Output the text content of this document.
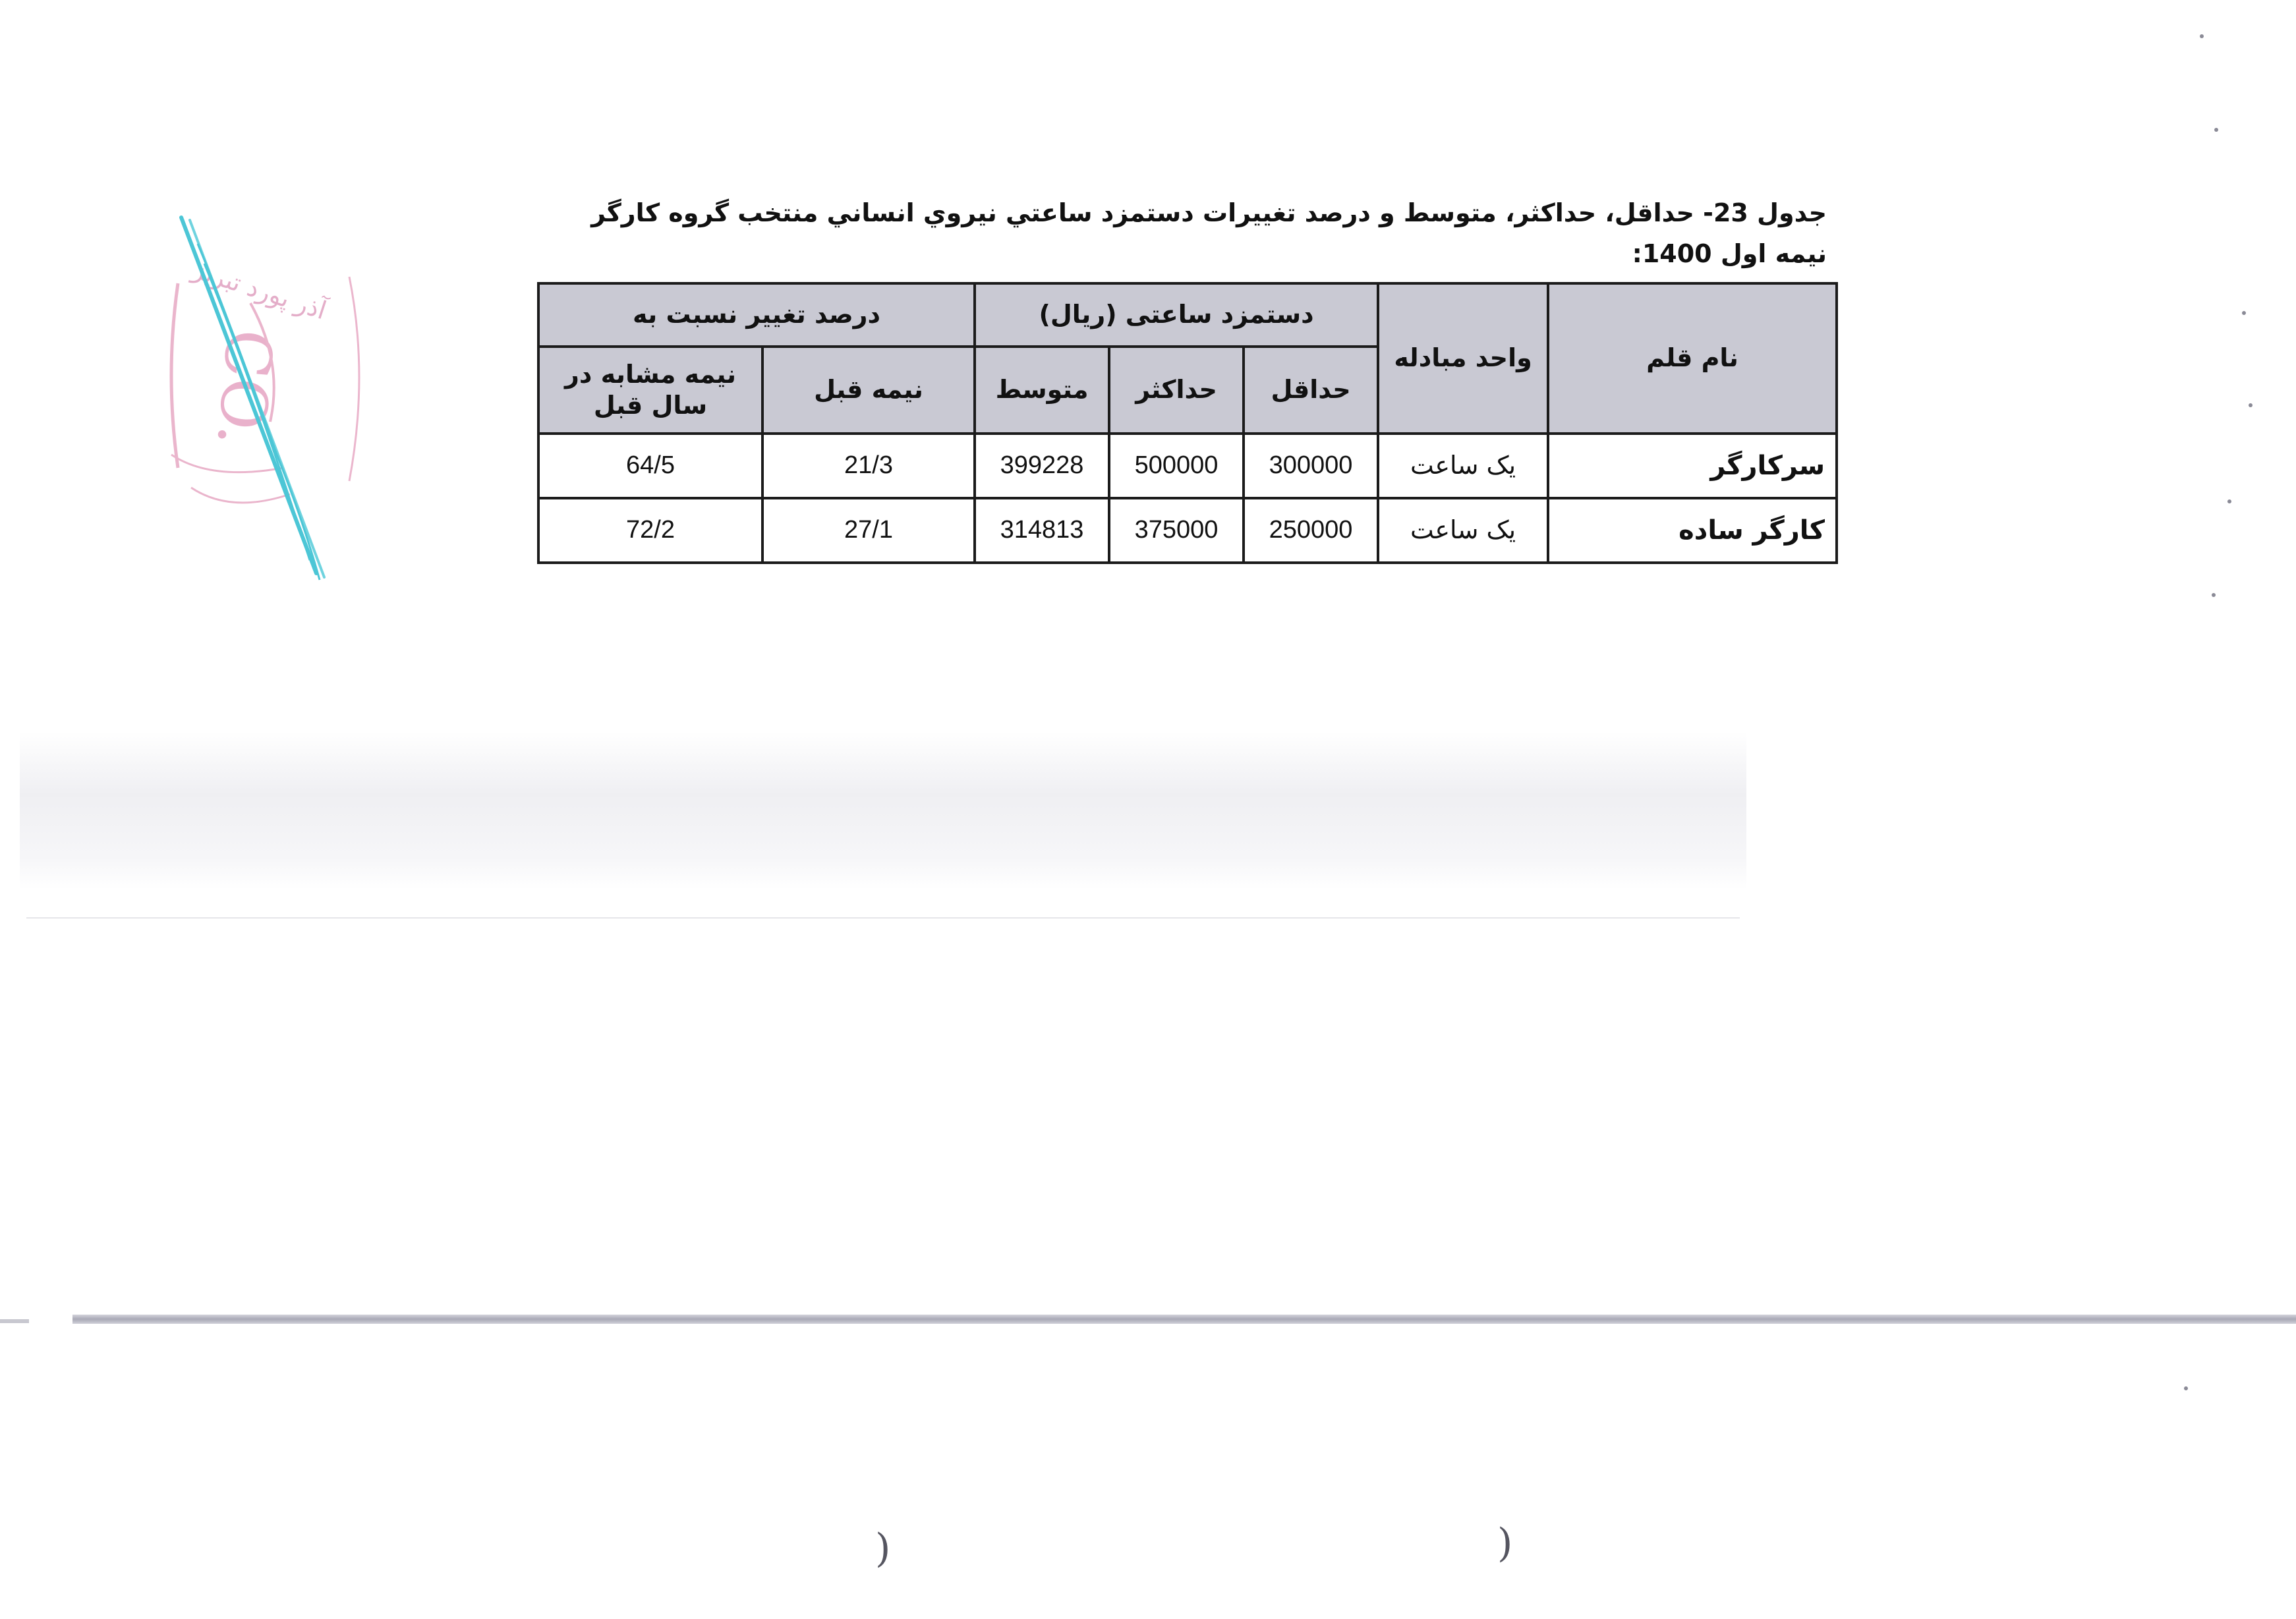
)	)
آذر پورد تبریز
CO.
جدول 23- حداقل، حداكثر، متوسط و درصد تغييرات دستمزد ساعتي نيروي انساني منتخب گروه كارگر
نيمه اول 1400:
نام قلم	واحد مبادله	دستمزد ساعتی (ریال)			درصد تغییر نسبت به	
		حداقل	حداکثر	متوسط	نیمه قبل	نیمه مشابه در سال قبل
سرکارگر	یک ساعت	300000	500000	399228	21/3	64/5
کارگر ساده	یک ساعت	250000	375000	314813	27/1	72/2
